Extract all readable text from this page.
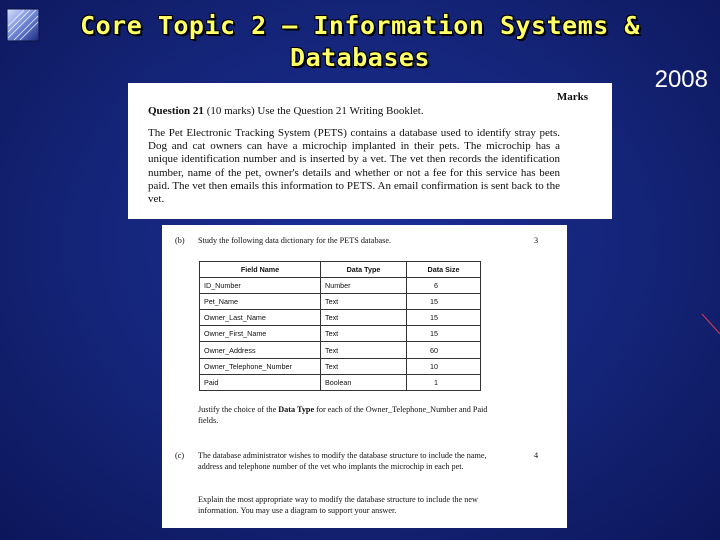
Core Topic 2 – Information Systems &
Databases
2008
Marks

Question 21 (10 marks) Use the Question 21 Writing Booklet.

The Pet Electronic Tracking System (PETS) contains a database used to identify stray pets. Dog and cat owners can have a microchip implanted in their pets. The microchip has a unique identification number and is inserted by a vet. The vet then records the identification number, name of the pet, owner's details and whether or not a fee for this service has been paid. The vet then emails this information to PETS. An email confirmation is sent back to the vet.
(b) Study the following data dictionary for the PETS database.	3
Field Name	Data Type	Data Size
ID_Number	Number	6
Pet_Name	Text	15
Owner_Last_Name	Text	15
Owner_First_Name	Text	15
Owner_Address	Text	60
Owner_Telephone_Number	Text	10
Paid	Boolean	1
Justify the choice of the Data Type for each of the Owner_Telephone_Number and Paid fields.
(c) The database administrator wishes to modify the database structure to include the name, address and telephone number of the vet who implants the microchip in each pet.
4
Explain the most appropriate way to modify the database structure to include the new information. You may use a diagram to support your answer.
